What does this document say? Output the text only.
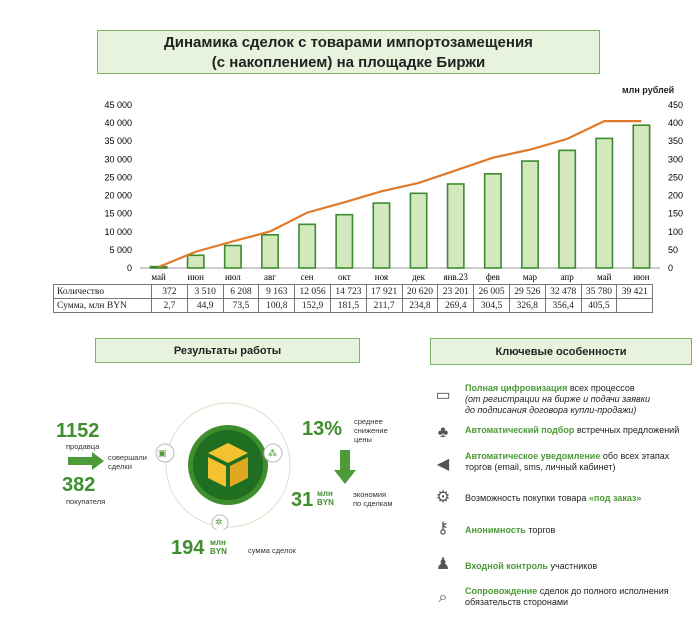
Динамика сделок с товарами импортозамещения
(с накоплением) на площадке Биржи
млн рублей
0
5 000
10 000
15 000
20 000
25 000
30 000
35 000
40 000
45 000
0
50
100
150
200
250
300
350
400
450
май июн июл	авг	сен	окт	ноя	дек янв.23 фев	мар	апр	май июн
Количество	372	3 510	6 208	9 163	12 056	14 723	17 921	20 620	23 201	26 005	29 526	32 478	35 780	39 421
Сумма, млн BYN	2,7	44,9	73,5	100,8	152,9	181,5	211,7	234,8	269,4	304,5	326,8	356,4	405,5	
Результаты работы	Ключевые особенности
1152
продавца
совершали
сделки
382
покупателя
▣	⁂
✲
13% среднее
снижение
цены
31 млн
BYN
экономия
по сделкам
194 млн
BYN	сумма сделок
▭	Полная цифровизация всех процессов
(от регистрации на бирже и подачи заявки
до подписания договора купли-продажи)
♣	Автоматический подбор встречных предложений
◀	Автоматическое уведомление обо всех этапах
торгов (email, sms, личный кабинет)
⚙	Возможность покупки товара «под заказ»
⚷	Анонимность торгов
♟	Входной контроль участников
⌕	Сопровождение сделок до полного исполнения
обязательств сторонами
